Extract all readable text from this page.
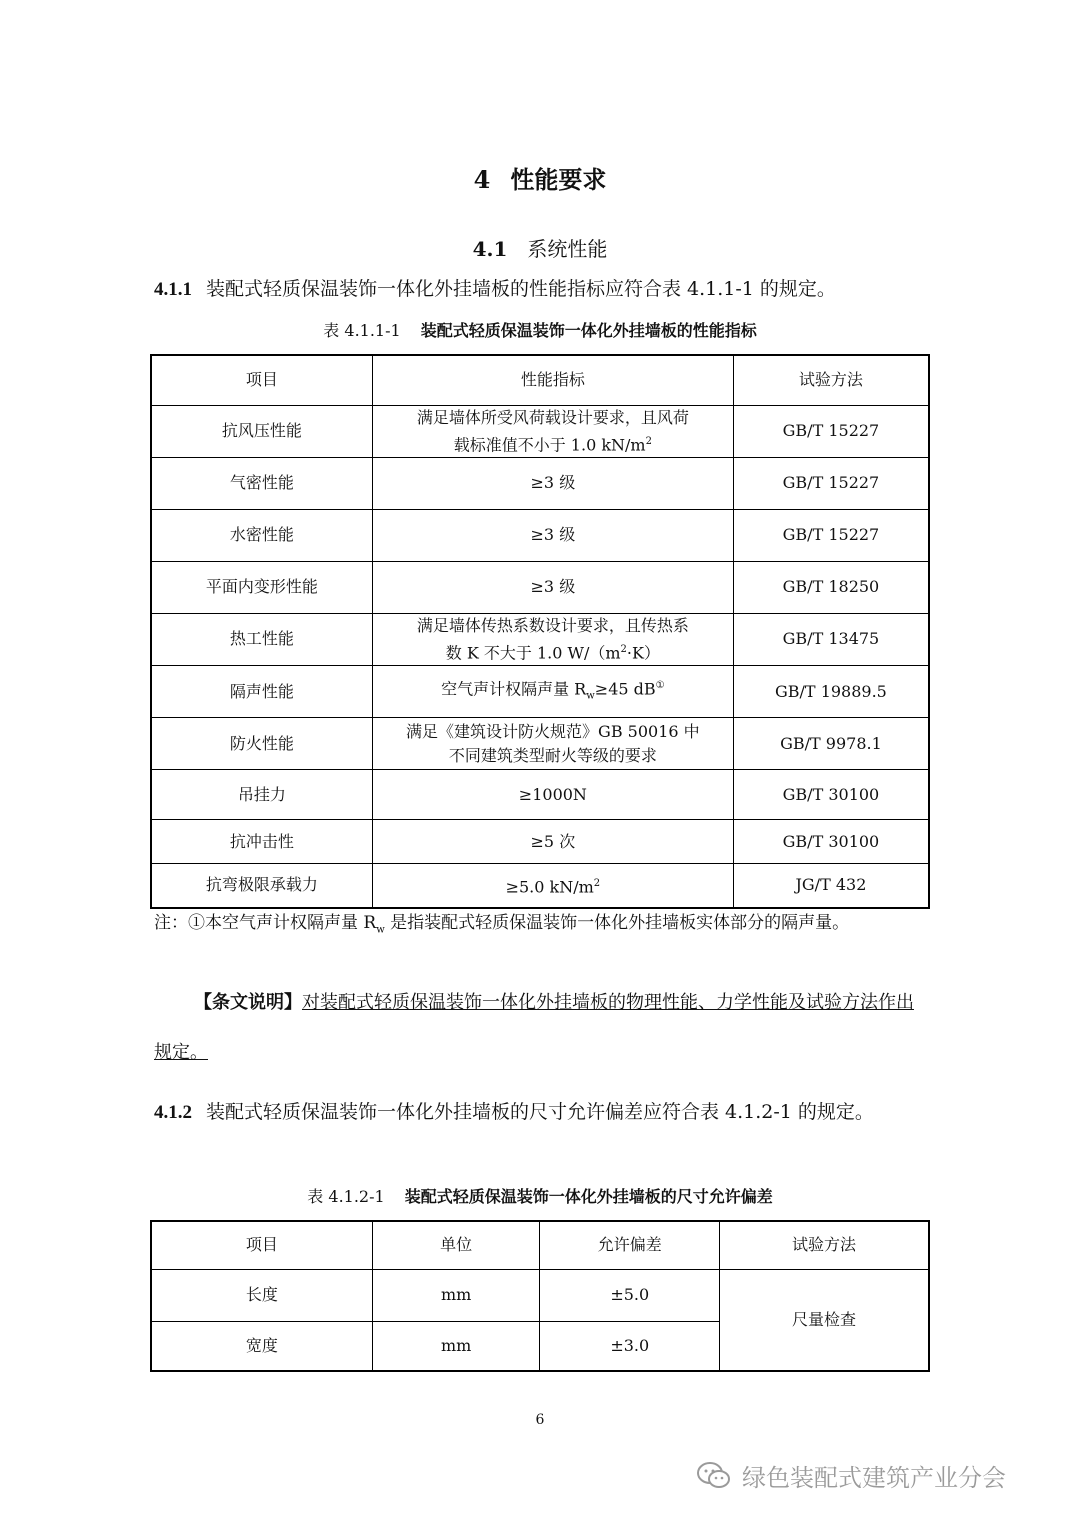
4 性能要求
4.1 系统性能
4.1.1 装配式轻质保温装饰一体化外挂墙板的性能指标应符合表 4.1.1-1 的规定。
表 4.1.1-1 装配式轻质保温装饰一体化外挂墙板的性能指标
项目	性能指标	试验方法
抗风压性能	满足墙体所受风荷载设计要求，且风荷
载标准值不小于 1.0 $kN/m^2$	GB/T 15227
气密性能	≥3 级	GB/T 15227
水密性能	≥3 级	GB/T 15227
平面内变形性能	≥3 级	GB/T 18250
热工性能	满足墙体传热系数设计要求，且传热系
数 K 不大于 1.0 $W/(m^2\cdot K)$	GB/T 13475
隔声性能	空气声计权隔声量 $R_w\ge 45$ dB①	GB/T 19889.5
防火性能	满足《建筑设计防火规范》GB 50016 中
不同建筑类型耐火等级的要求	GB/T 9978.1
吊挂力	≥1000N	GB/T 30100
抗冲击性	≥5 次	GB/T 30100
抗弯极限承载力	≥5.0 $kN/m^2$	JG/T 432
注：①本空气声计权隔声量 $R_w$ 是指装配式轻质保温装饰一体化外挂墙板实体部分的隔声量。
【条文说明】对装配式轻质保温装饰一体化外挂墙板的物理性能、力学性能及试验方法作出规定。
4.1.2 装配式轻质保温装饰一体化外挂墙板的尺寸允许偏差应符合表 4.1.2-1 的规定。
表 4.1.2-1 装配式轻质保温装饰一体化外挂墙板的尺寸允许偏差
项目	单位	允许偏差	试验方法
长度	mm	±5.0	尺量检查
宽度	mm	±3.0	
6
绿色装配式建筑产业分会
